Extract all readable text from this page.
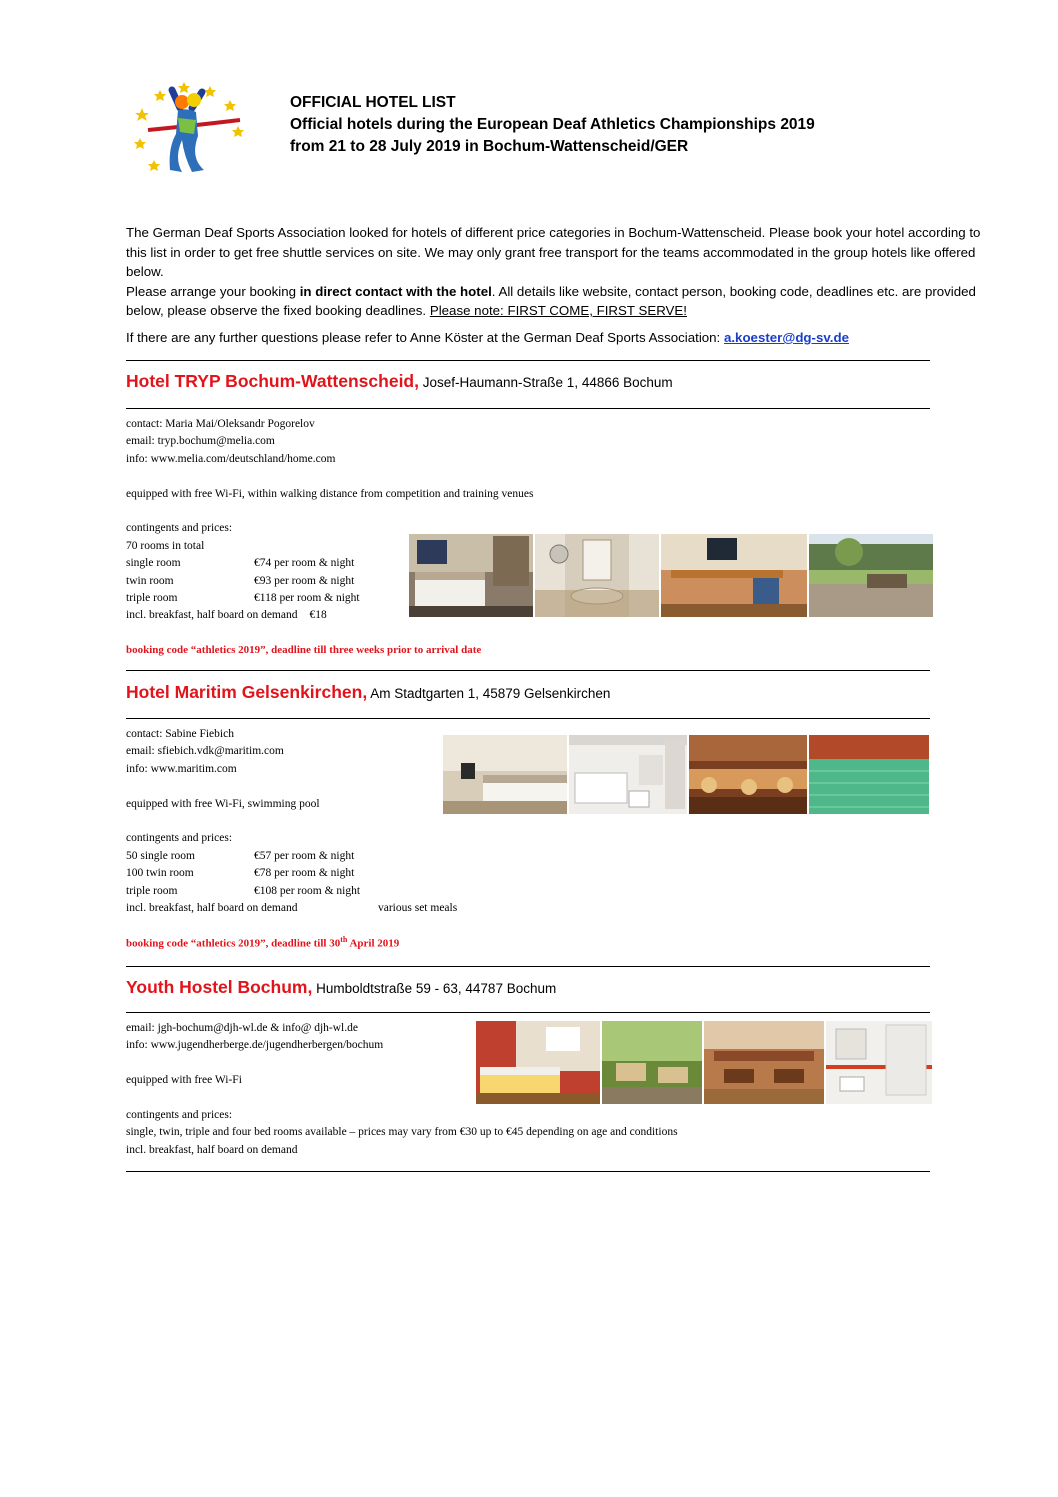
OFFICIAL HOTEL LIST
Official hotels during the European Deaf Athletics Championships 2019
from 21 to 28 July 2019 in Bochum-Wattenscheid/GER

The German Deaf Sports Association looked for hotels of different price categories in Bochum-Wattenscheid. Please book your hotel according to this list in order to get free shuttle services on site. We may only grant free transport for the teams accommodated in the group hotels like offered below.

Please arrange your booking in direct contact with the hotel. All details like website, contact person, booking code, deadlines etc. are provided below, please observe the fixed booking deadlines. Please note: FIRST COME, FIRST SERVE!

If there are any further questions please refer to Anne Köster at the German Deaf Sports Association: a.koester@dg-sv.de
Hotel TRYP Bochum-Wattenscheid, Josef-Haumann-Straße 1, 44866 Bochum
contact: Maria Mai/Oleksandr Pogorelov
email: tryp.bochum@melia.com
info: www.melia.com/deutschland/home.com
equipped with free Wi-Fi, within walking distance from competition and training venues
contingents and prices:
70 rooms in total
single room	€74 per room & night
twin room	€93 per room & night
triple room	€118 per room & night
incl. breakfast, half board on demand €18
booking code “athletics 2019”, deadline till three weeks prior to arrival date
Hotel Maritim Gelsenkirchen, Am Stadtgarten 1, 45879 Gelsenkirchen
contact: Sabine Fiebich
email: sfiebich.vdk@maritim.com
info: www.maritim.com
equipped with free Wi-Fi, swimming pool
contingents and prices:
50 single room	€57 per room & night
100 twin room	€78 per room & night
triple room	€108 per room & night
incl. breakfast, half board on demand	various set meals
booking code “athletics 2019”, deadline till 30th April 2019
Youth Hostel Bochum, Humboldtstraße 59 - 63, 44787 Bochum
email: jgh-bochum@djh-wl.de & info@ djh-wl.de
info: www.jugendherberge.de/jugendherbergen/bochum
equipped with free Wi-Fi
contingents and prices:
single, twin, triple and four bed rooms available – prices may vary from €30 up to €45 depending on age and conditions
incl. breakfast, half board on demand
